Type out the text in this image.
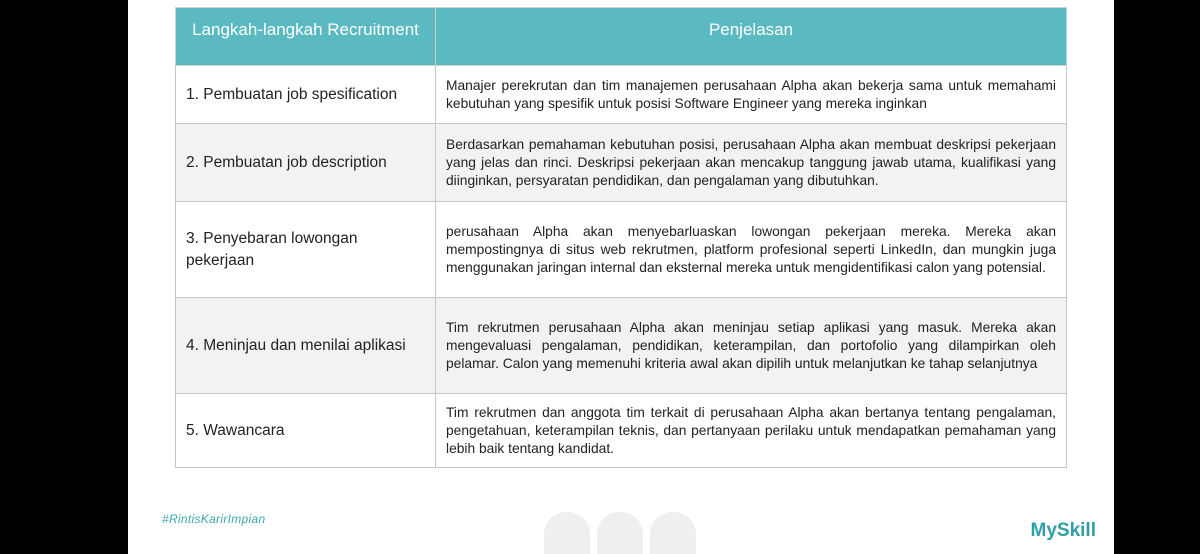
Langkah-langkah Recruitment	Penjelasan
1. Pembuatan job spesification	Manajer perekrutan dan tim manajemen perusahaan Alpha akan bekerja sama untuk memahami kebutuhan yang spesifik untuk posisi Software Engineer yang mereka inginkan
2. Pembuatan job description	Berdasarkan pemahaman kebutuhan posisi, perusahaan Alpha akan membuat deskripsi pekerjaan yang jelas dan rinci. Deskripsi pekerjaan akan mencakup tanggung jawab utama, kualifikasi yang diinginkan, persyaratan pendidikan, dan pengalaman yang dibutuhkan.
3. Penyebaran lowongan pekerjaan	perusahaan Alpha akan menyebarluaskan lowongan pekerjaan mereka. Mereka akan mempostingnya di situs web rekrutmen, platform profesional seperti LinkedIn, dan mungkin juga menggunakan jaringan internal dan eksternal mereka untuk mengidentifikasi calon yang potensial.
4. Meninjau dan menilai aplikasi	Tim rekrutmen perusahaan Alpha akan meninjau setiap aplikasi yang masuk. Mereka akan mengevaluasi pengalaman, pendidikan, keterampilan, dan portofolio yang dilampirkan oleh pelamar. Calon yang memenuhi kriteria awal akan dipilih untuk melanjutkan ke tahap selanjutnya
5. Wawancara	Tim rekrutmen dan anggota tim terkait di perusahaan Alpha akan bertanya tentang pengalaman, pengetahuan, keterampilan teknis, dan pertanyaan perilaku untuk mendapatkan pemahaman yang lebih baik tentang kandidat.
#RintisKarirImpian
MySkill
